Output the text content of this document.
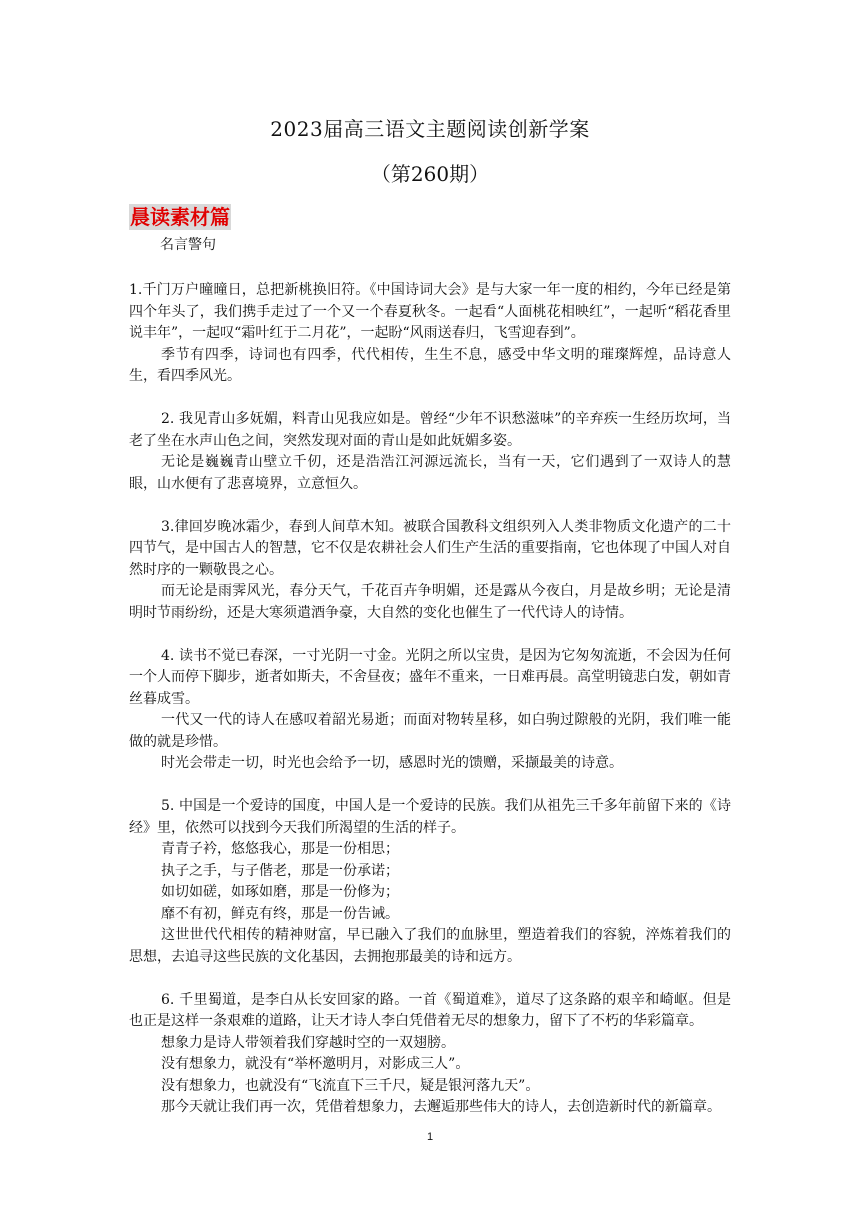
2023届高三语文主题阅读创新学案
（第260期）
晨读素材篇
名言警句

1.千门万户曈曈日，总把新桃换旧符。《中国诗词大会》是与大家一年一度的相约，今年已经是第四个年头了，我们携手走过了一个又一个春夏秋冬。一起看“人面桃花相映红”，一起听“稻花香里说丰年”，一起叹“霜叶红于二月花”，一起盼“风雨送春归，飞雪迎春到”。

季节有四季，诗词也有四季，代代相传，生生不息，感受中华文明的璀璨辉煌，品诗意人生，看四季风光。

2. 我见青山多妩媚，料青山见我应如是。曾经“少年不识愁滋味”的辛弃疾一生经历坎坷，当老了坐在水声山色之间，突然发现对面的青山是如此妩媚多姿。

无论是巍巍青山壁立千仞，还是浩浩江河源远流长，当有一天，它们遇到了一双诗人的慧眼，山水便有了悲喜境界，立意恒久。

3.律回岁晚冰霜少，春到人间草木知。被联合国教科文组织列入人类非物质文化遗产的二十四节气，是中国古人的智慧，它不仅是农耕社会人们生产生活的重要指南，它也体现了中国人对自然时序的一颗敬畏之心。

而无论是雨霁风光，春分天气，千花百卉争明媚，还是露从今夜白，月是故乡明；无论是清明时节雨纷纷，还是大寒须遣酒争豪，大自然的变化也催生了一代代诗人的诗情。

4. 读书不觉已春深，一寸光阴一寸金。光阴之所以宝贵，是因为它匆匆流逝，不会因为任何一个人而停下脚步，逝者如斯夫，不舍昼夜；盛年不重来，一日难再晨。高堂明镜悲白发，朝如青丝暮成雪。

一代又一代的诗人在感叹着韶光易逝；而面对物转星移，如白驹过隙般的光阴，我们唯一能做的就是珍惜。

时光会带走一切，时光也会给予一切，感恩时光的馈赠，采撷最美的诗意。

5. 中国是一个爱诗的国度，中国人是一个爱诗的民族。我们从祖先三千多年前留下来的《诗经》里，依然可以找到今天我们所渴望的生活的样子。

青青子衿，悠悠我心，那是一份相思；

执子之手，与子偕老，那是一份承诺；

如切如磋，如琢如磨，那是一份修为；

靡不有初，鲜克有终，那是一份告诫。

这世世代代相传的精神财富，早已融入了我们的血脉里，塑造着我们的容貌，淬炼着我们的思想，去追寻这些民族的文化基因，去拥抱那最美的诗和远方。

6. 千里蜀道，是李白从长安回家的路。一首《蜀道难》，道尽了这条路的艰辛和崎岖。但是也正是这样一条艰难的道路，让天才诗人李白凭借着无尽的想象力，留下了不朽的华彩篇章。

想象力是诗人带领着我们穿越时空的一双翅膀。

没有想象力，就没有“举杯邀明月，对影成三人”。

没有想象力，也就没有“飞流直下三千尺，疑是银河落九天”。

那今天就让我们再一次，凭借着想象力，去邂逅那些伟大的诗人，去创造新时代的新篇章。

1
